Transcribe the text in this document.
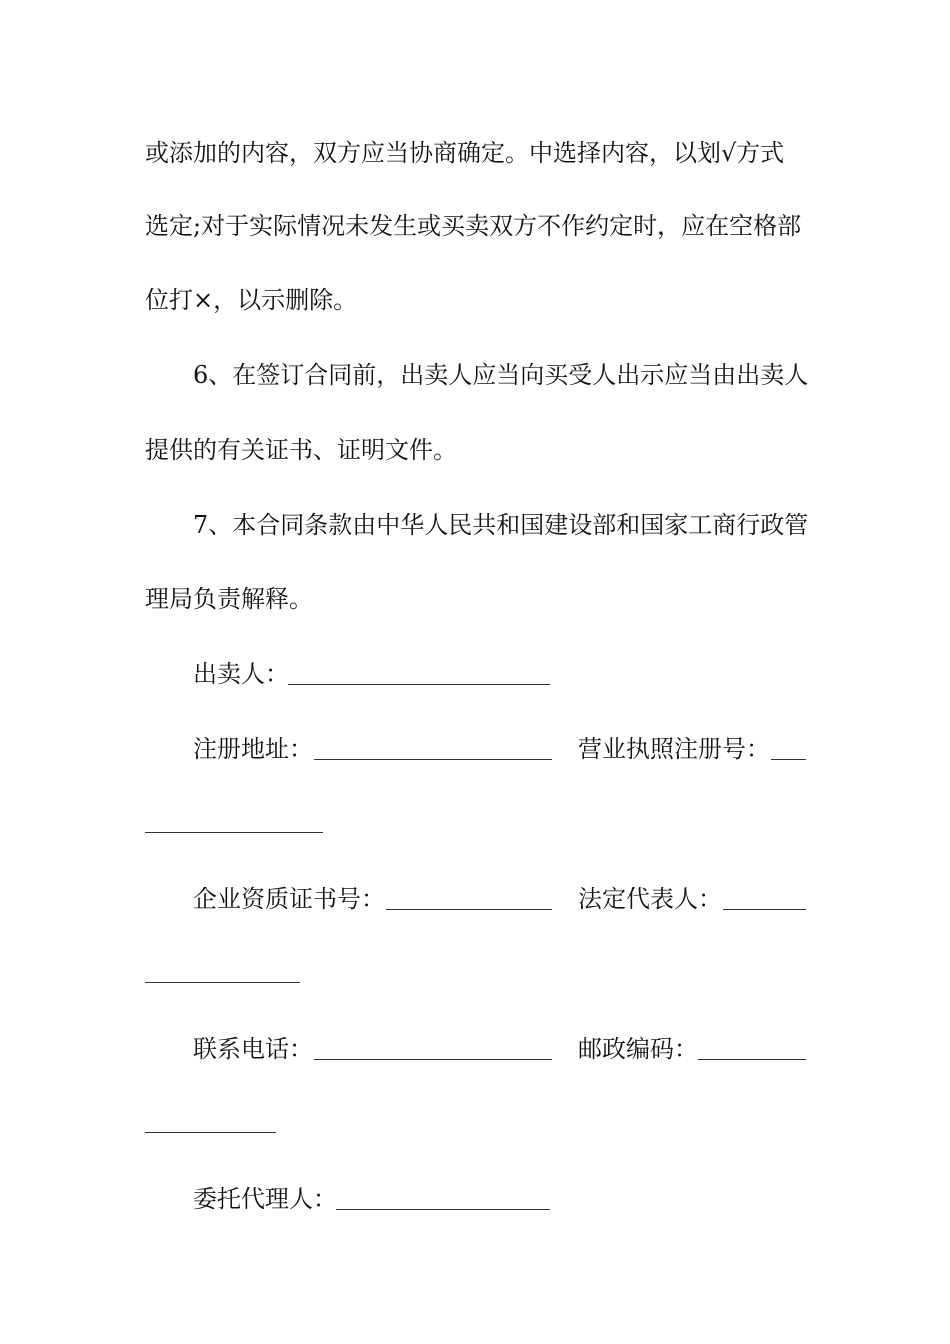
或添加的内容，双方应当协商确定。中选择内容，以划√方式
选定;对于实际情况未发生或买卖双方不作约定时，应在空格部
位打×，以示删除。
6、在签订合同前，出卖人应当向买受人出示应当由出卖人
提供的有关证书、证明文件。
7、本合同条款由中华人民共和国建设部和国家工商行政管
理局负责解释。
出卖人：
注册地址：	营业执照注册号：
企业资质证书号：	法定代表人：
联系电话：	邮政编码：
委托代理人：
